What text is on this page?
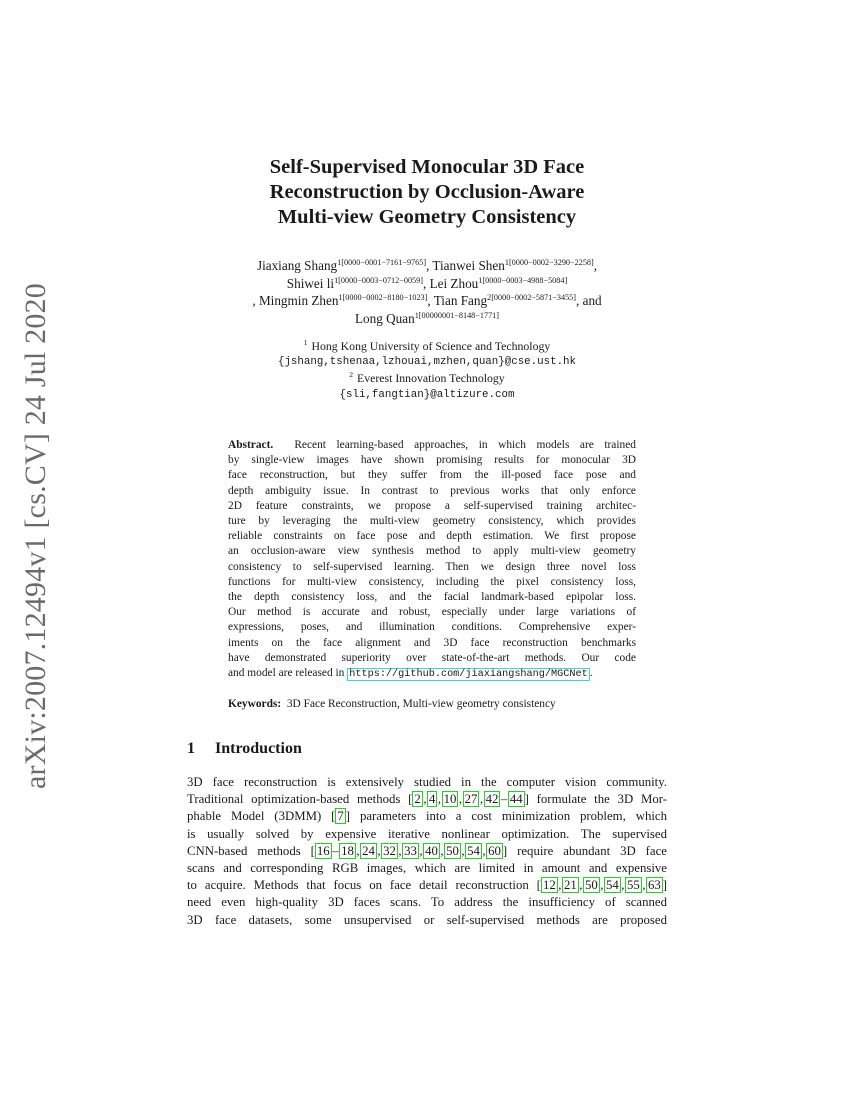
arXiv:2007.12494v1 [cs.CV] 24 Jul 2020
Self-Supervised Monocular 3D Face
Reconstruction by Occlusion-Aware
Multi-view Geometry Consistency
Jiaxiang Shang$^{1[0000-0001-7161-9765]}$, Tianwei Shen$^{1[0000-0002-3290-2258]}$,
Shiwei $li^{1[0000-0003-0712-0059]}$, Lei Zhou$^{1[0000-0003-4988-5084]}$
, Mingmin Zhen$^{1[0000-0002-8180-1023]}$, Tian Fang$^{2[0000-0002-5871-3455]}$, and
Long Quan$^{1[00000001-8148-1771]}$
$^1$ Hong Kong University of Science and Technology
{jshang,tshenaa,lzhouai,mzhen,quan}@cse.ust.hk
$^2$ Everest Innovation Technology
{sli,fangtian}@altizure.com
Abstract. Recent learning-based approaches, in which models are trained
by single-view images have shown promising results for monocular 3D
face reconstruction, but they suffer from the ill-posed face pose and
depth ambiguity issue. In contrast to previous works that only enforce
2D feature constraints, we propose a self-supervised training architec-
ture by leveraging the multi-view geometry consistency, which provides
reliable constraints on face pose and depth estimation. We first propose
an occlusion-aware view synthesis method to apply multi-view geometry
consistency to self-supervised learning. Then we design three novel loss
functions for multi-view consistency, including the pixel consistency loss,
the depth consistency loss, and the facial landmark-based epipolar loss.
Our method is accurate and robust, especially under large variations of
expressions, poses, and illumination conditions. Comprehensive exper-
iments on the face alignment and 3D face reconstruction benchmarks
have demonstrated superiority over state-of-the-art methods. Our code
and model are released in https://github.com/jiaxiangshang/MGCNet .
Keywords: 3D Face Reconstruction, Multi-view geometry consistency
1 Introduction
3D face reconstruction is extensively studied in the computer vision community.
Traditional optimization-based methods [ 2 , 4 , 10 , 27 , 42 – 44 ] formulate the 3D Mor-
phable Model (3DMM) [ 7 ] parameters into a cost minimization problem, which
is usually solved by expensive iterative nonlinear optimization. The supervised
CNN-based methods [ 16 – 18 , 24 , 32 , 33 , 40 , 50 , 54 , 60 ] require abundant 3D face
scans and corresponding RGB images, which are limited in amount and expensive
to acquire. Methods that focus on face detail reconstruction [ 12 , 21 , 50 , 54 , 55 , 63 ]
need even high-quality 3D faces scans. To address the insufficiency of scanned
3D face datasets, some unsupervised or self-supervised methods are proposed
